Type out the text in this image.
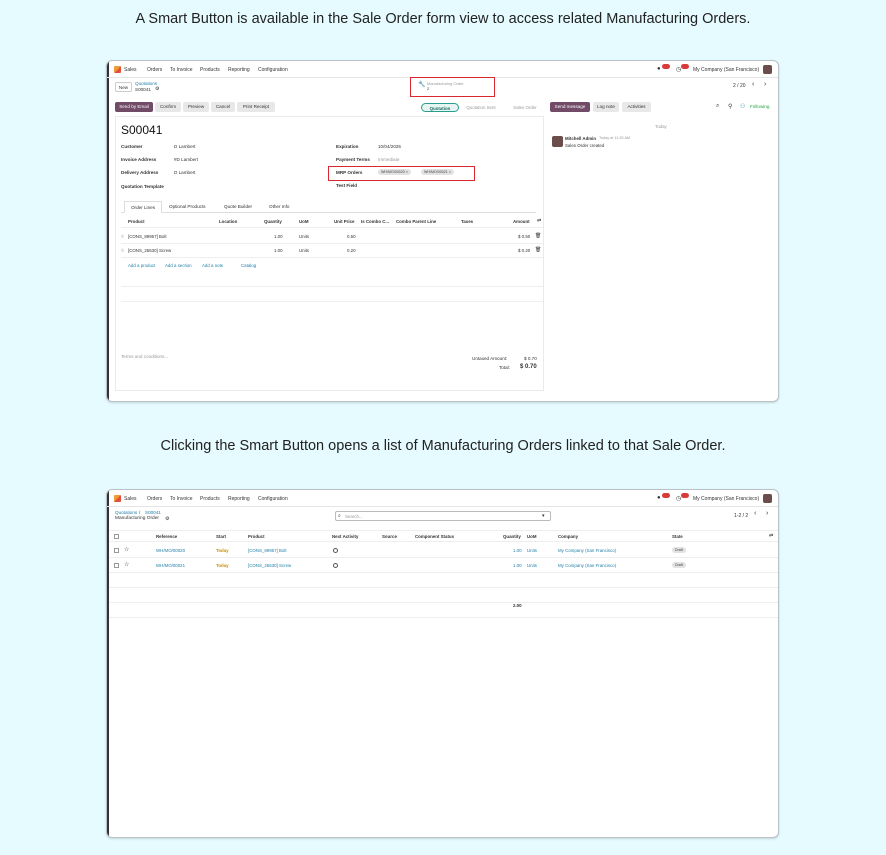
A Smart Button is available in the Sale Order form view to access related Manufacturing Orders.
Clicking the Smart Button opens a list of Manufacturing Orders linked to that Sale Order.
Sales Orders To Invoice Products Reporting Configuration	●	◷ My Company (San Francisco)
New
Quotations
S00041 ⚙
🔧 Manufacturing Order
2	2 / 20 ‹ ›
Send by Email	Confirm	Preview	Cancel	Print Receipt	Quotation	Quotation Sent	Sales Order	Send message	Log note	Activities	⌕ ⚲ ⚇ Following
S00041
Customer	D Lambert
Invoice Address	#D Lambert
Delivery Address	D Lambert
Quotation Template
Expiration	10/04/2025
Payment Terms Immediate
MRP Orders	WH/MO/00020 ×	WH/MO/00021 ×
Test Field
Order Lines	Optional Products	Quote Builder	Other Info
Product	Location	Quantity	UoM	Unit Price Is Combo C... Combo Parent Line	Taxes	Amount ⇄
⠿ [CONS_89957] Bolt	1.00	Units	0.50	$ 0.50 🗑
⠿ [CONS_25630] Screw	1.00	Units	0.20	$ 0.20 🗑
Add a product Add a section Add a note	Catalog
Terms and conditions...	Untaxed Amount:	$ 0.70
Total: $ 0.70
Today
Mitchell Admin Today at 11:30 AM
Sales Order created
Sales Orders To Invoice Products Reporting Configuration	●	◷ My Company (San Francisco)
Quotations / S00041
Manufacturing Order ⚙	⌕ Search...	▾	1-2 / 2 ‹ ›
Reference	Start	Product	Next Activity	Source	Component Status	Quantity UoM	Company	State	⇄
☆	WH/MO/00020	Today	[CONS_89957] Bolt	1.00 Units	My Company (San Francisco)	Draft
☆	WH/MO/00021	Today	[CONS_25630] Screw	1.00 Units	My Company (San Francisco)	Draft
2.00
